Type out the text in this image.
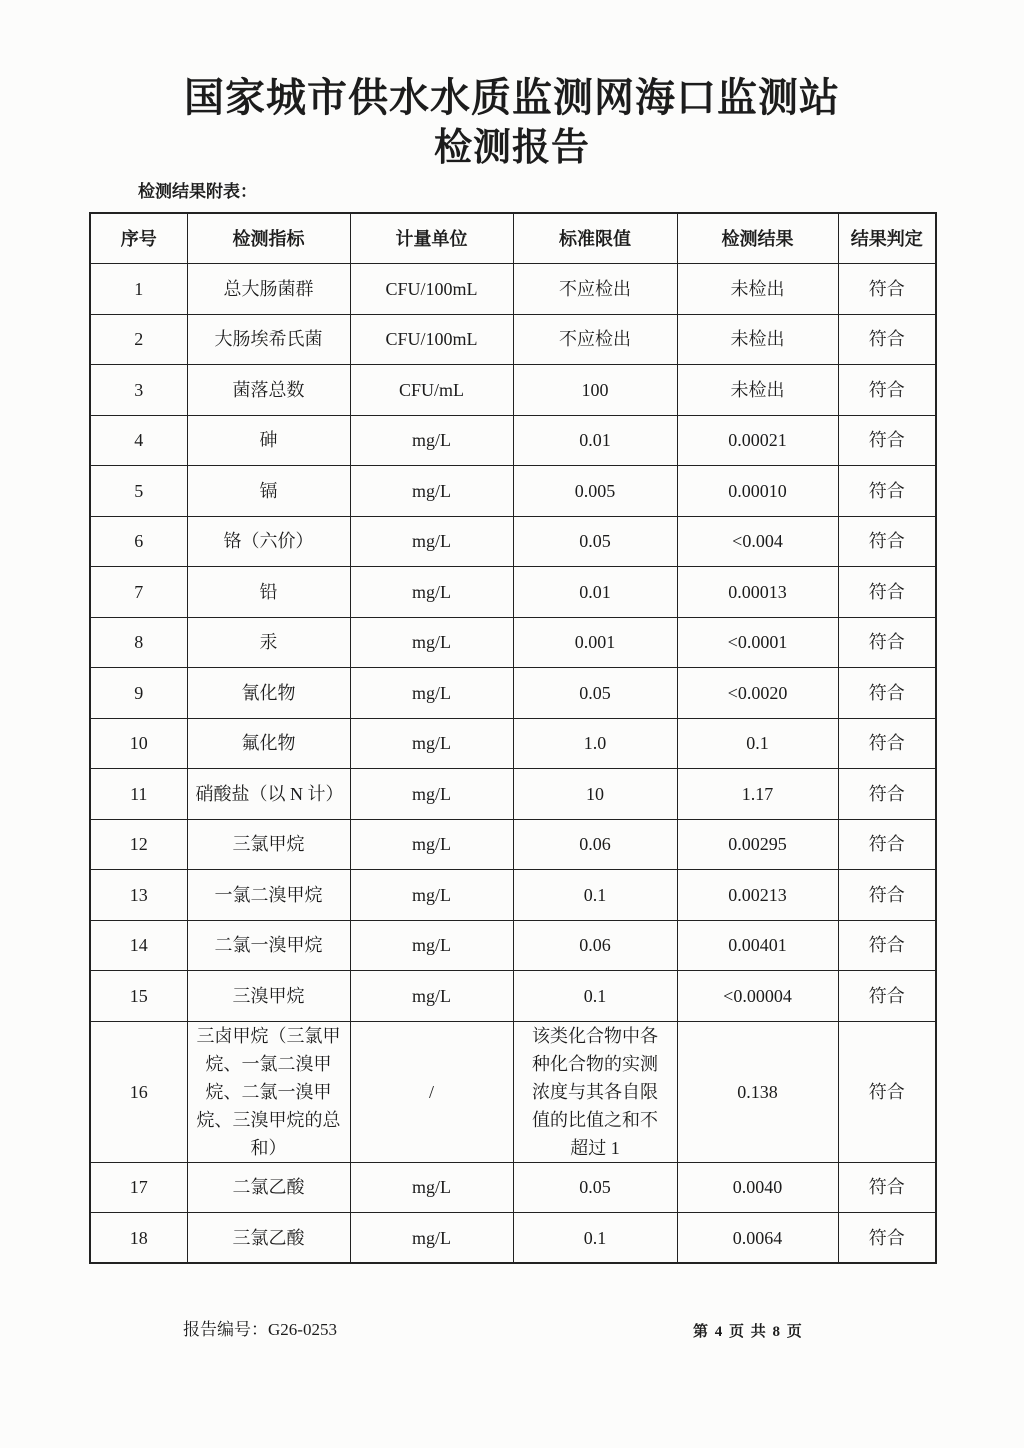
国家城市供水水质监测网海口监测站
检测报告
检测结果附表：
序号	检测指标	计量单位	标准限值	检测结果	结果判定
1	总大肠菌群	CFU/100mL	不应检出	未检出	符合
2	大肠埃希氏菌	CFU/100mL	不应检出	未检出	符合
3	菌落总数	CFU/mL	100	未检出	符合
4	砷	mg/L	0.01	0.00021	符合
5	镉	mg/L	0.005	0.00010	符合
6	铬（六价）	mg/L	0.05	<0.004	符合
7	铅	mg/L	0.01	0.00013	符合
8	汞	mg/L	0.001	<0.0001	符合
9	氰化物	mg/L	0.05	<0.0020	符合
10	氟化物	mg/L	1.0	0.1	符合
11	硝酸盐（以 N 计）	mg/L	10	1.17	符合
12	三氯甲烷	mg/L	0.06	0.00295	符合
13	一氯二溴甲烷	mg/L	0.1	0.00213	符合
14	二氯一溴甲烷	mg/L	0.06	0.00401	符合
15	三溴甲烷	mg/L	0.1	<0.00004	符合
16	三卤甲烷（三氯甲烷、一氯二溴甲烷、二氯一溴甲烷、三溴甲烷的总和）	/	该类化合物中各种化合物的实测浓度与其各自限值的比值之和不超过 1	0.138	符合
17	二氯乙酸	mg/L	0.05	0.0040	符合
18	三氯乙酸	mg/L	0.1	0.0064	符合
报告编号：G26-0253	第 4 页 共 8 页
